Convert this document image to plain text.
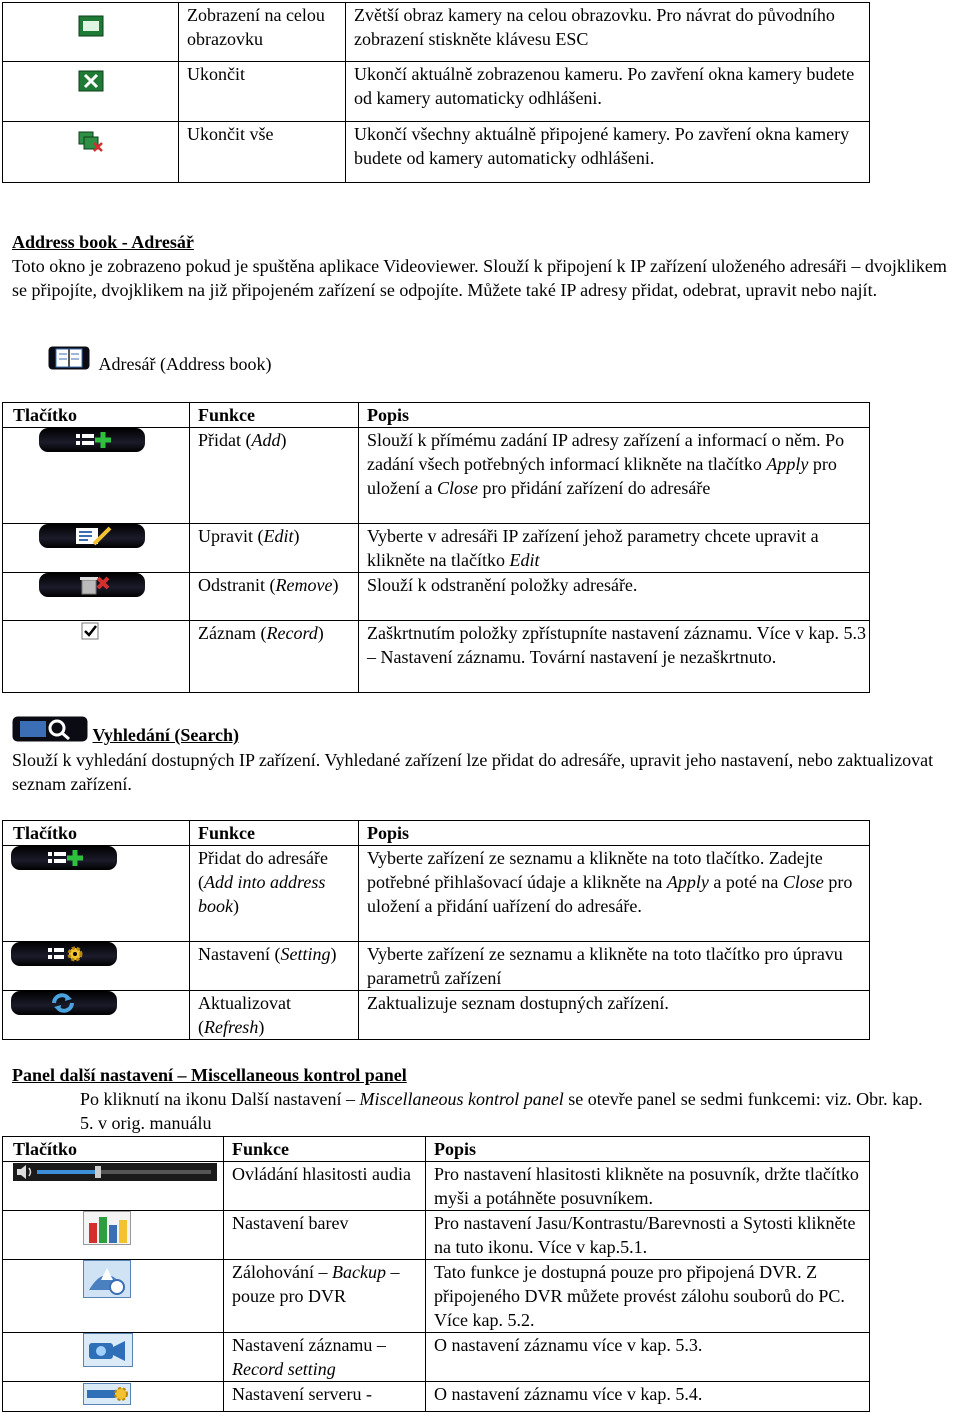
	Zobrazení na celou obrazovku	Zvětší obraz kamery na celou obrazovku. Pro návrat do původního zobrazení stiskněte klávesu ESC
	Ukončit	Ukončí aktuálně zobrazenou kameru. Po zavření okna kamery budete od kamery automaticky odhlášeni.
	Ukončit vše	Ukončí všechny aktuálně připojené kamery. Po zavření okna kamery budete od kamery automaticky odhlášeni.
Address book - Adresář
Toto okno je zobrazeno pokud je spuštěna aplikace Videoviewer. Slouží k připojení k IP zařízení uloženého adresáři – dvojklikem se připojíte, dvojklikem na již připojeném zařízení se odpojíte. Můžete také IP adresy přidat, odebrat, upravit nebo najít.
Adresář (Address book)
Tlačítko	Funkce	Popis

	Přidat (Add)	Slouží k přímému zadání IP adresy zařízení a informací o něm. Po zadání všech potřebných informací klikněte na tlačítko Apply pro uložení a Close pro přidání zařízení do adresáře

	Upravit (Edit)	Vyberte v adresáři IP zařízení jehož parametry chcete upravit a klikněte na tlačítko Edit

	Odstranit (Remove)	Slouží k odstranění položky adresáře.
	Záznam (Record)	Zaškrtnutím položky zpřístupníte nastavení záznamu. Více v kap. 5.3 – Nastavení záznamu. Tovární nastavení je nezaškrtnuto.
Vyhledání (Search)
Slouží k vyhledání dostupných IP zařízení. Vyhledané zařízení lze přidat do adresáře, upravit jeho nastavení, nebo zaktualizovat seznam zařízení.
Tlačítko	Funkce	Popis

	Přidat do adresáře (Add into address book)	Vyberte zařízení ze seznamu a klikněte na toto tlačítko. Zadejte potřebné přihlašovací údaje a klikněte na Apply a poté na Close pro uložení a přidání uařízení do adresáře.

	Nastavení (Setting)	Vyberte zařízení ze seznamu a klikněte na toto tlačítko pro úpravu parametrů zařízení

	Aktualizovat (Refresh)	Zaktualizuje seznam dostupných zařízení.
Panel další nastavení – Miscellaneous kontrol panel
Po kliknutí na ikonu Další nastavení – Miscellaneous kontrol panel se otevře panel se sedmi funkcemi: viz. Obr. kap. 5. v orig. manuálu
Tlačítko	Funkce	Popis
	Ovládání hlasitosti audia	Pro nastavení hlasitosti klikněte na posuvník, držte tlačítko myši a potáhněte posuvníkem.
	Nastavení barev	Pro nastavení Jasu/Kontrastu/Barevnosti a Sytosti klikněte na tuto ikonu. Více v kap.5.1.
	Zálohování – Backup – pouze pro DVR	Tato funkce je dostupná pouze pro připojená DVR. Z připojeného DVR můžete provést zálohu souborů do PC. Více kap. 5.2.
	Nastavení záznamu – Record setting	O nastavení záznamu více v kap. 5.3.
	Nastavení serveru -	O nastavení záznamu více v kap. 5.4.
